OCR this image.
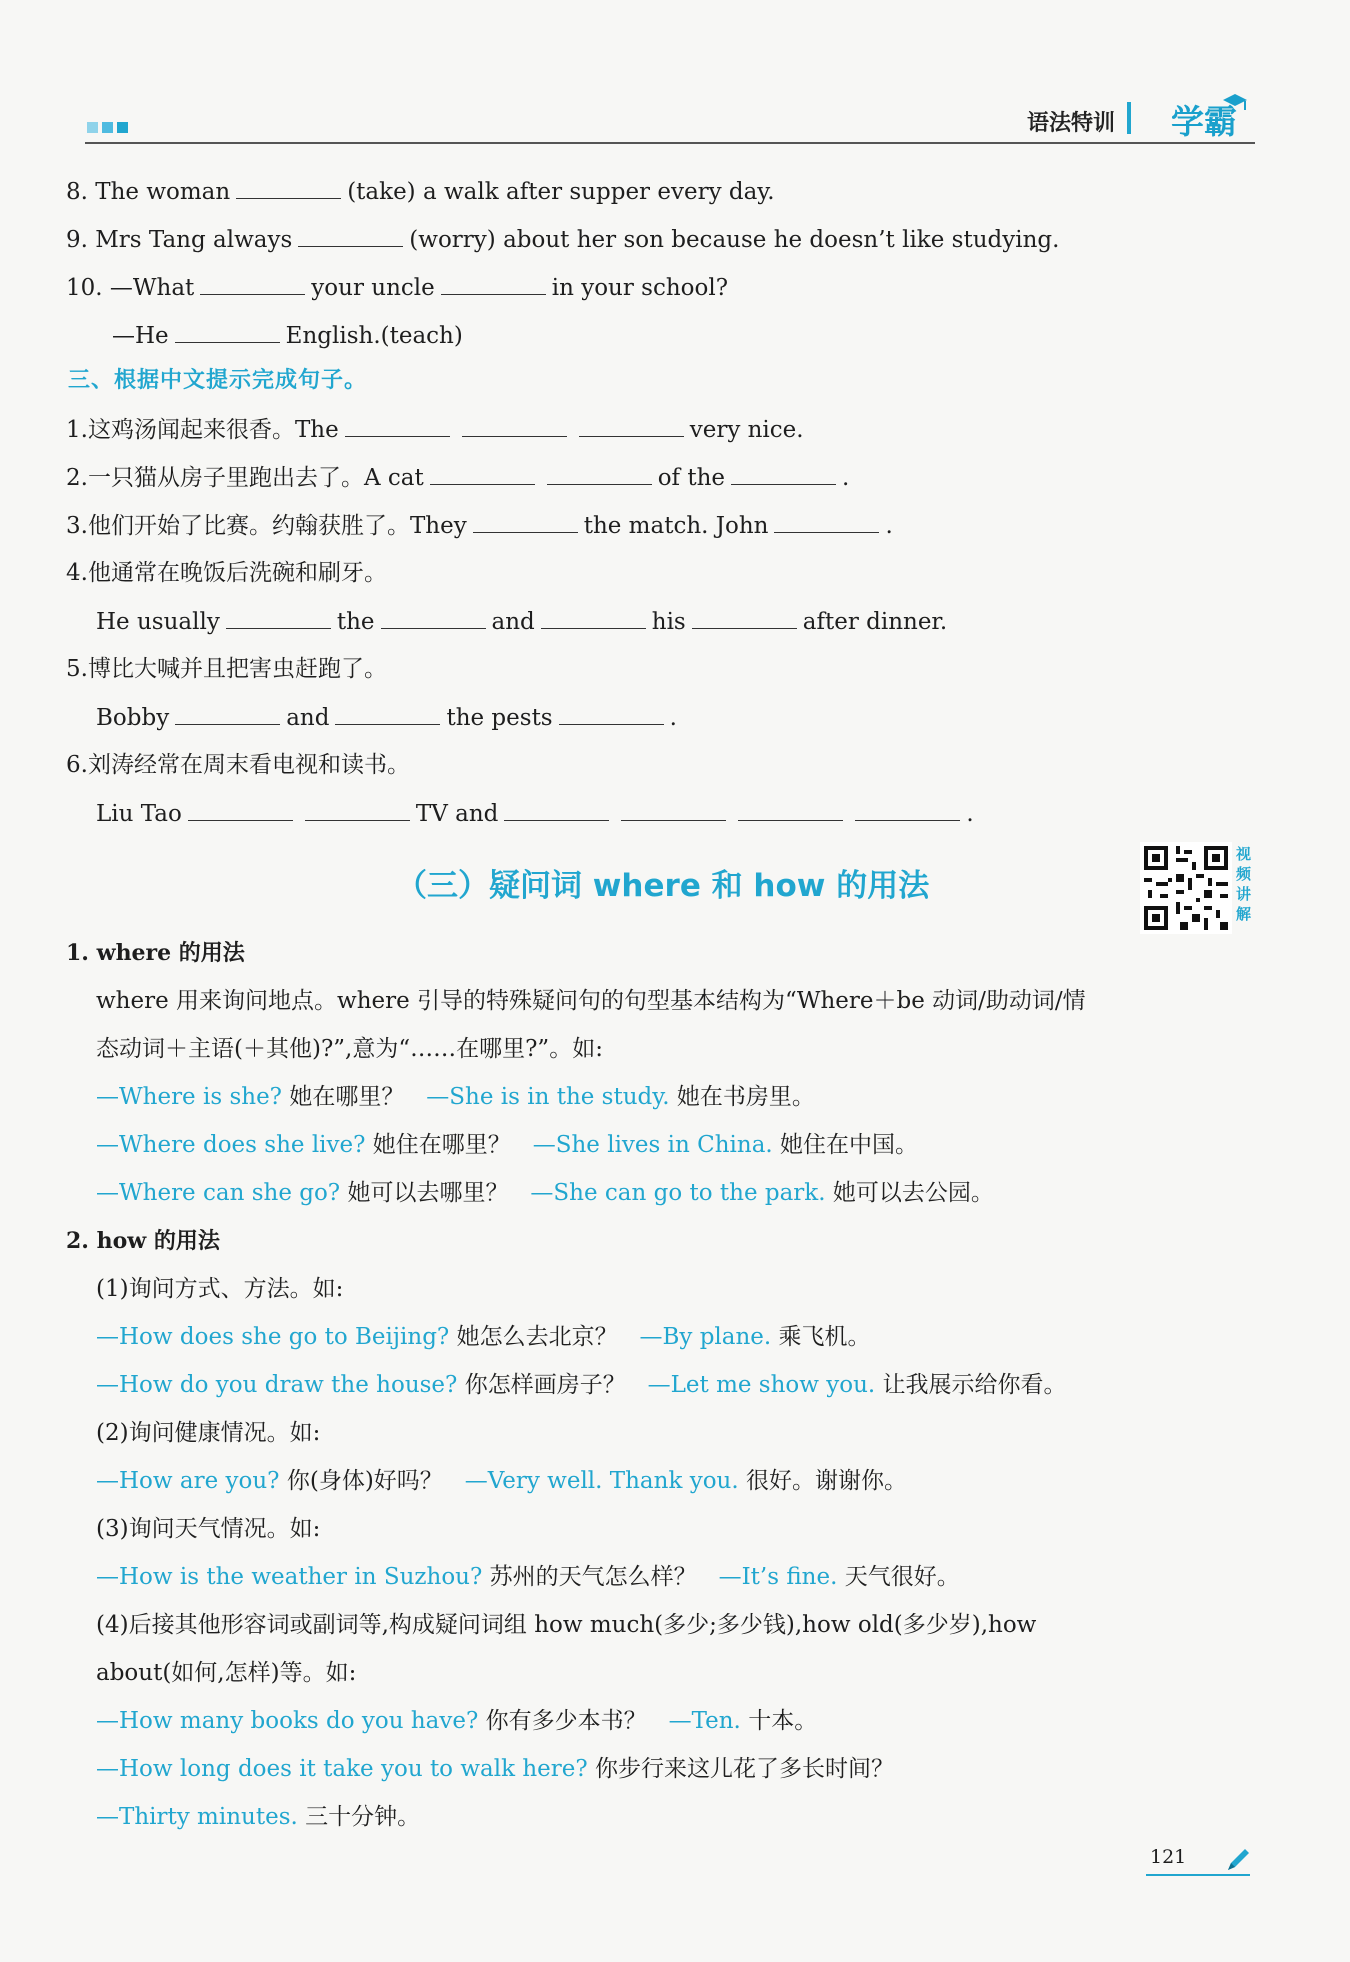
语法特训 学霸
8. The woman	(take) a walk after supper every day.
9. Mrs Tang always	(worry) about her son because he doesn’t like studying.
10. —What	your uncle	in your school?
—He	English.(teach)
三、根据中文提示完成句子。
1.这鸡汤闻起来很香。The	very nice.
2.一只猫从房子里跑出去了。A cat	of the	.
3.他们开始了比赛。约翰获胜了。They	the match. John	.
4.他通常在晚饭后洗碗和刷牙。
He usually	the	and	his	after dinner.
5.博比大喊并且把害虫赶跑了。
Bobby	and	the pests	.
6.刘涛经常在周末看电视和读书。
Liu Tao	TV and	.
（三）疑问词 where 和 how 的用法
视频讲解
1. where 的用法
where 用来询问地点。where 引导的特殊疑问句的句型基本结构为“Where＋be 动词/助动词/情
态动词＋主语(＋其他)?”,意为“……在哪里?”。如:
—Where is she? 她在哪里？ —She is in the study. 她在书房里。
—Where does she live? 她住在哪里？ —She lives in China. 她住在中国。
—Where can she go? 她可以去哪里？ —She can go to the park. 她可以去公园。
2. how 的用法
(1)询问方式、方法。如:
—How does she go to Beijing? 她怎么去北京？ —By plane. 乘飞机。
—How do you draw the house? 你怎样画房子？ —Let me show you. 让我展示给你看。
(2)询问健康情况。如:
—How are you? 你(身体)好吗？ —Very well. Thank you. 很好。谢谢你。
(3)询问天气情况。如:
—How is the weather in Suzhou? 苏州的天气怎么样？ —It’s fine. 天气很好。
(4)后接其他形容词或副词等,构成疑问词组 how much(多少;多少钱),how old(多少岁),how
about(如何,怎样)等。如:
—How many books do you have? 你有多少本书？ —Ten. 十本。
—How long does it take you to walk here? 你步行来这儿花了多长时间？
—Thirty minutes. 三十分钟。
121
